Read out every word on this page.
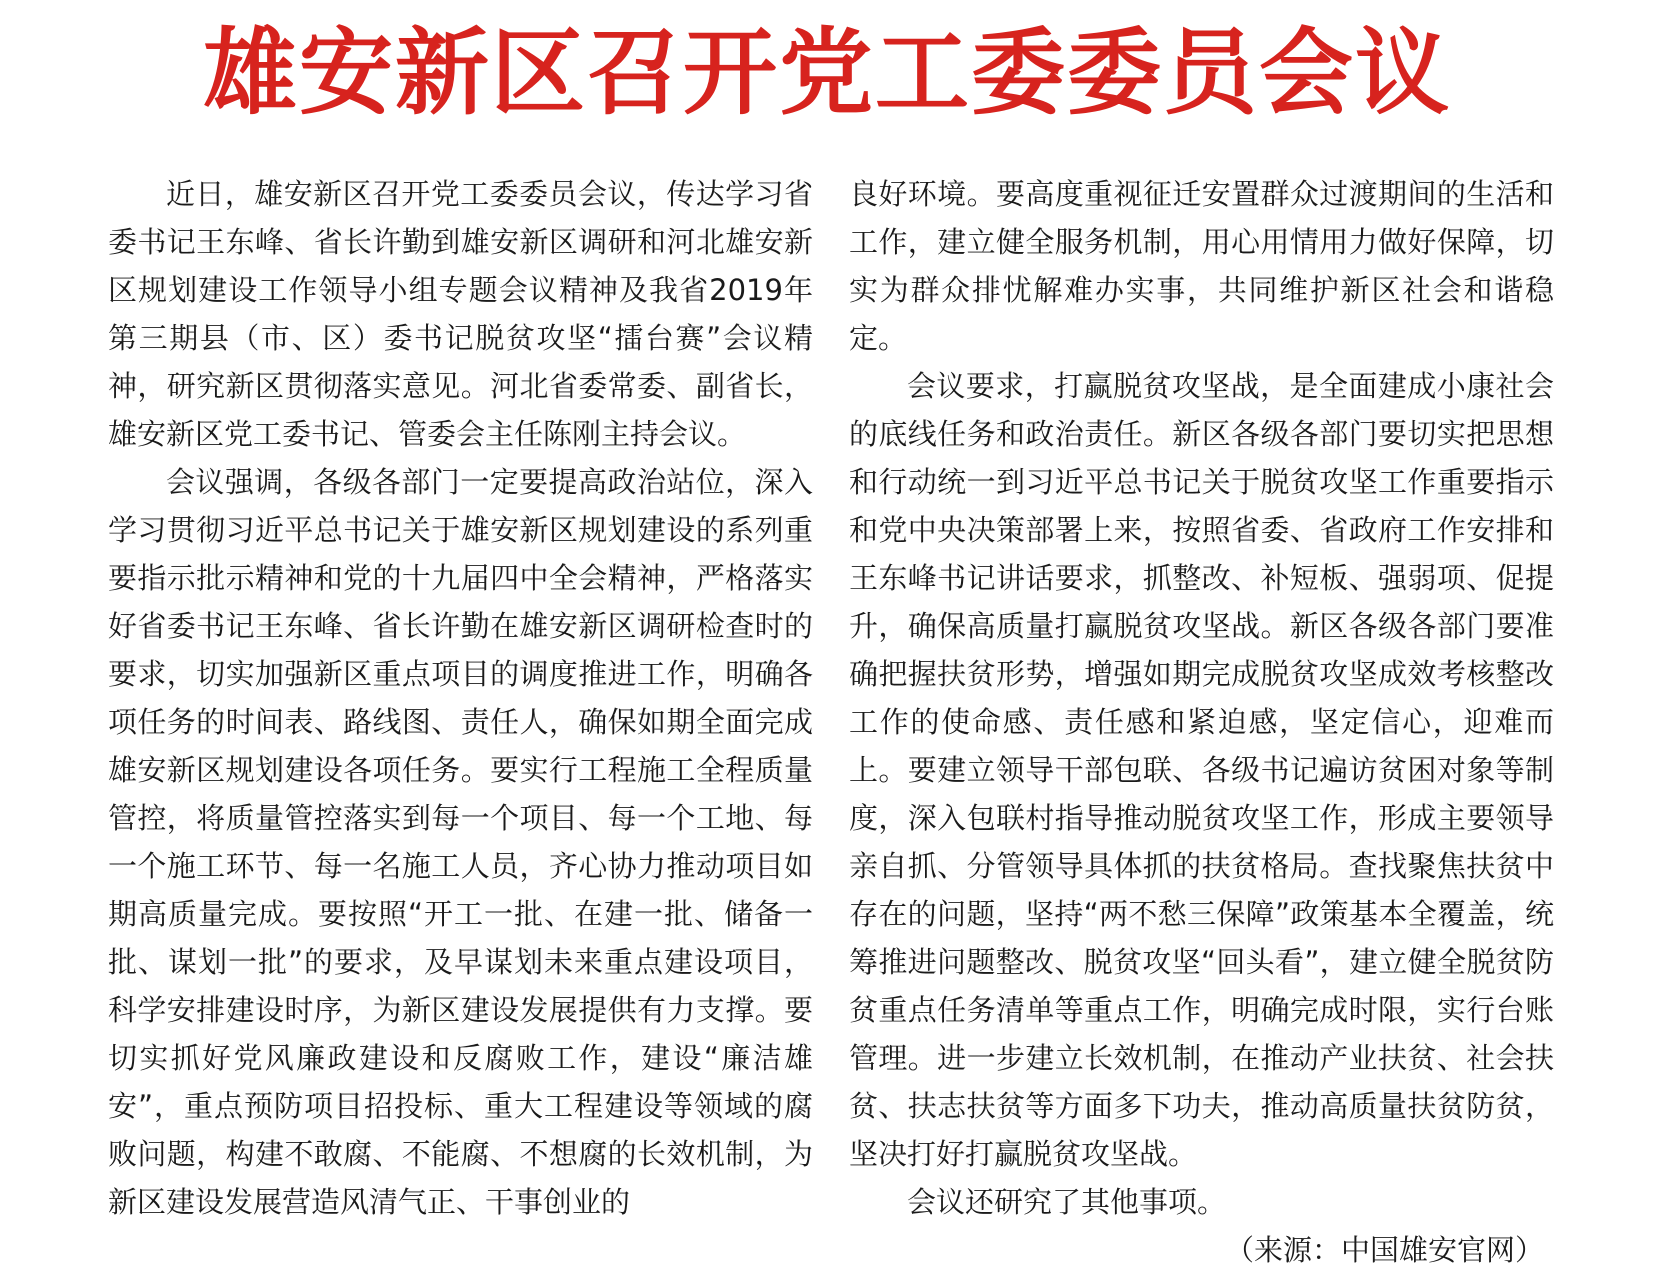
雄安新区召开党工委委员会议

近日，雄安新区召开党工委委员会议，传达学习省委书记王东峰、省长许勤到雄安新区调研和河北雄安新区规划建设工作领导小组专题会议精神及我省2019年第三期县（市、区）委书记脱贫攻坚“擂台赛”会议精神，研究新区贯彻落实意见。河北省委常委、副省长，雄安新区党工委书记、管委会主任陈刚主持会议。

会议强调，各级各部门一定要提高政治站位，深入学习贯彻习近平总书记关于雄安新区规划建设的系列重要指示批示精神和党的十九届四中全会精神，严格落实好省委书记王东峰、省长许勤在雄安新区调研检查时的要求，切实加强新区重点项目的调度推进工作，明确各项任务的时间表、路线图、责任人，确保如期全面完成雄安新区规划建设各项任务。要实行工程施工全程质量管控，将质量管控落实到每一个项目、每一个工地、每一个施工环节、每一名施工人员，齐心协力推动项目如期高质量完成。要按照“开工一批、在建一批、储备一批、谋划一批”的要求，及早谋划未来重点建设项目，科学安排建设时序，为新区建设发展提供有力支撑。要切实抓好党风廉政建设和反腐败工作，建设“廉洁雄安”，重点预防项目招投标、重大工程建设等领域的腐败问题，构建不敢腐、不能腐、不想腐的长效机制，为新区建设发展营造风清气正、干事创业的

良好环境。要高度重视征迁安置群众过渡期间的生活和工作，建立健全服务机制，用心用情用力做好保障，切实为群众排忧解难办实事，共同维护新区社会和谐稳定。

会议要求，打赢脱贫攻坚战，是全面建成小康社会的底线任务和政治责任。新区各级各部门要切实把思想和行动统一到习近平总书记关于脱贫攻坚工作重要指示和党中央决策部署上来，按照省委、省政府工作安排和王东峰书记讲话要求，抓整改、补短板、强弱项、促提升，确保高质量打赢脱贫攻坚战。新区各级各部门要准确把握扶贫形势，增强如期完成脱贫攻坚成效考核整改工作的使命感、责任感和紧迫感，坚定信心，迎难而上。要建立领导干部包联、各级书记遍访贫困对象等制度，深入包联村指导推动脱贫攻坚工作，形成主要领导亲自抓、分管领导具体抓的扶贫格局。查找聚焦扶贫中存在的问题，坚持“两不愁三保障”政策基本全覆盖，统筹推进问题整改、脱贫攻坚“回头看”，建立健全脱贫防贫重点任务清单等重点工作，明确完成时限，实行台账管理。进一步建立长效机制，在推动产业扶贫、社会扶贫、扶志扶贫等方面多下功夫，推动高质量扶贫防贫，坚决打好打赢脱贫攻坚战。

会议还研究了其他事项。

（来源：中国雄安官网）
